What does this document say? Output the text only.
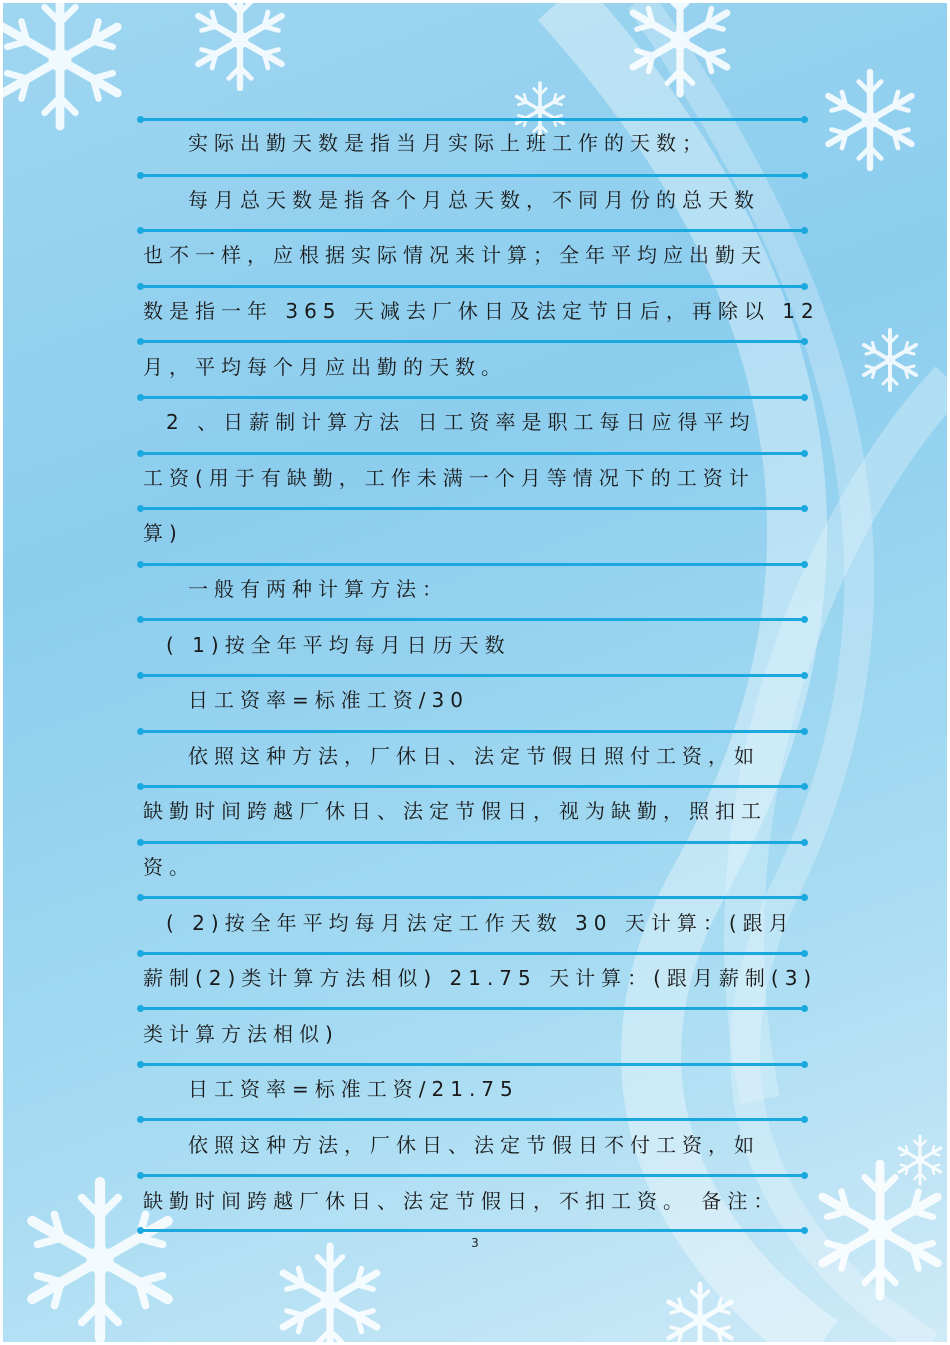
实际出勤天数是指当月实际上班工作的天数；
每月总天数是指各个月总天数，不同月份的总天数
也不一样，应根据实际情况来计算；全年平均应出勤天
数是指一年 365 天减去厂休日及法定节日后，再除以 12
月，平均每个月应出勤的天数。
2 、日薪制计算方法 日工资率是职工每日应得平均
工资(用于有缺勤，工作未满一个月等情况下的工资计
算)
一般有两种计算方法：
( 1)按全年平均每月日历天数
日工资率=标准工资/30
依照这种方法，厂休日、法定节假日照付工资，如
缺勤时间跨越厂休日、法定节假日，视为缺勤，照扣工
资。
( 2)按全年平均每月法定工作天数 30 天计算：(跟月
薪制(2)类计算方法相似) 21.75 天计算：(跟月薪制(3)
类计算方法相似)
日工资率=标准工资/21.75
依照这种方法，厂休日、法定节假日不付工资，如
缺勤时间跨越厂休日、法定节假日，不扣工资。 备注：
3
